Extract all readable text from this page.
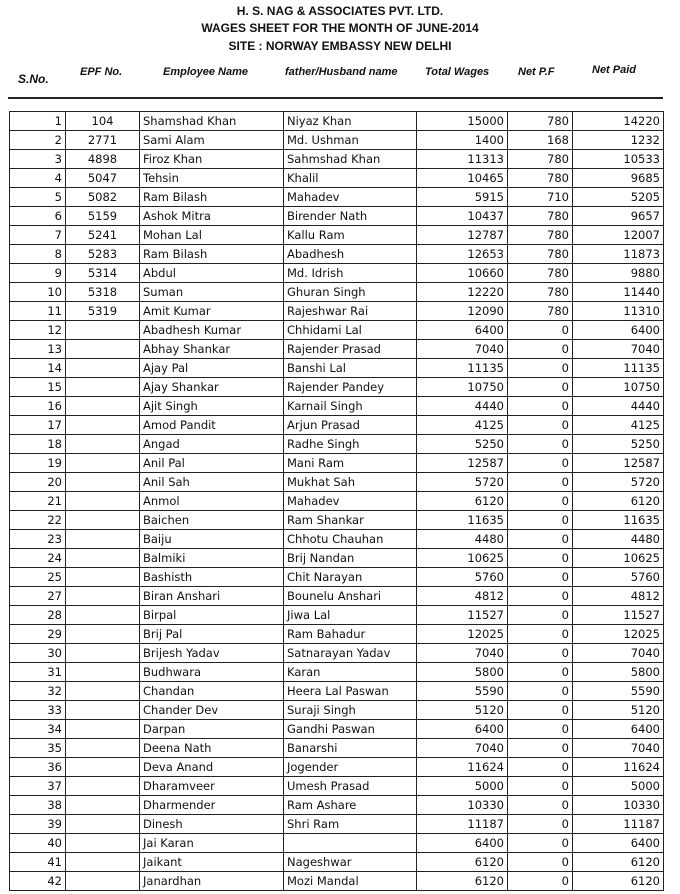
H. S. NAG & ASSOCIATES PVT. LTD.
WAGES SHEET FOR THE MONTH OF JUNE-2014
SITE : NORWAY EMBASSY NEW DELHI
S.No.	EPF No.	Employee Name	father/Husband name	Total Wages	Net P.F	Net Paid
1	104	Shamshad Khan	Niyaz Khan	15000	780	14220
2	2771	Sami Alam	Md. Ushman	1400	168	1232
3	4898	Firoz Khan	Sahmshad Khan	11313	780	10533
4	5047	Tehsin	Khalil	10465	780	9685
5	5082	Ram Bilash	Mahadev	5915	710	5205
6	5159	Ashok Mitra	Birender Nath	10437	780	9657
7	5241	Mohan Lal	Kallu Ram	12787	780	12007
8	5283	Ram Bilash	Abadhesh	12653	780	11873
9	5314	Abdul	Md. Idrish	10660	780	9880
10	5318	Suman	Ghuran Singh	12220	780	11440
11	5319	Amit Kumar	Rajeshwar Rai	12090	780	11310
12		Abadhesh Kumar	Chhidami Lal	6400	0	6400
13		Abhay Shankar	Rajender Prasad	7040	0	7040
14		Ajay Pal	Banshi Lal	11135	0	11135
15		Ajay Shankar	Rajender Pandey	10750	0	10750
16		Ajit Singh	Karnail Singh	4440	0	4440
17		Amod Pandit	Arjun Prasad	4125	0	4125
18		Angad	Radhe Singh	5250	0	5250
19		Anil Pal	Mani Ram	12587	0	12587
20		Anil Sah	Mukhat Sah	5720	0	5720
21		Anmol	Mahadev	6120	0	6120
22		Baichen	Ram Shankar	11635	0	11635
23		Baiju	Chhotu Chauhan	4480	0	4480
24		Balmiki	Brij Nandan	10625	0	10625
25		Bashisth	Chit Narayan	5760	0	5760
27		Biran Anshari	Bounelu Anshari	4812	0	4812
28		Birpal	Jiwa Lal	11527	0	11527
29		Brij Pal	Ram Bahadur	12025	0	12025
30		Brijesh Yadav	Satnarayan Yadav	7040	0	7040
31		Budhwara	Karan	5800	0	5800
32		Chandan	Heera Lal Paswan	5590	0	5590
33		Chander Dev	Suraji Singh	5120	0	5120
34		Darpan	Gandhi Paswan	6400	0	6400
35		Deena Nath	Banarshi	7040	0	7040
36		Deva Anand	Jogender	11624	0	11624
37		Dharamveer	Umesh Prasad	5000	0	5000
38		Dharmender	Ram Ashare	10330	0	10330
39		Dinesh	Shri Ram	11187	0	11187
40		Jai Karan		6400	0	6400
41		Jaikant	Nageshwar	6120	0	6120
42		Janardhan	Mozi Mandal	6120	0	6120
